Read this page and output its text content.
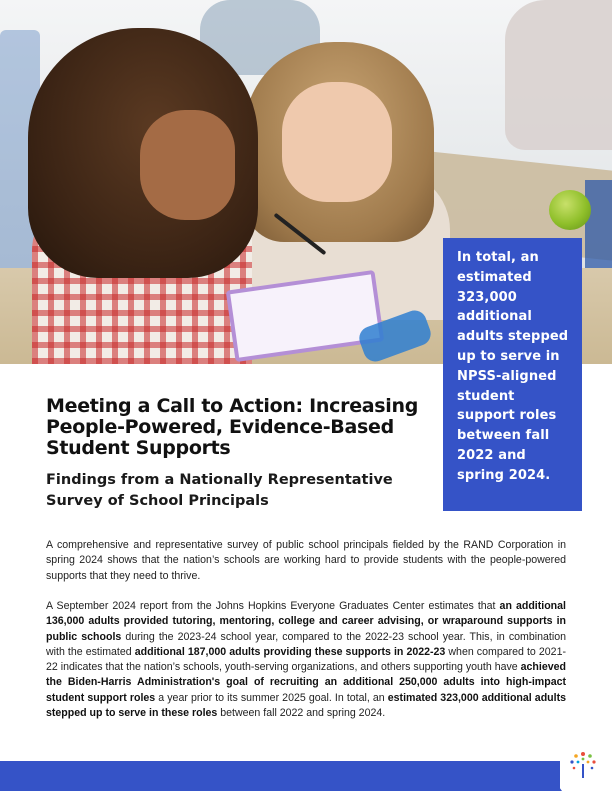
In total, an estimated 323,000 additional adults stepped up to serve in NPSS-aligned student support roles between fall 2022 and spring 2024.

Meeting a Call to Action: Increasing People-Powered, Evidence-Based Student Supports
Findings from a Nationally Representative Survey of School Principals

A comprehensive and representative survey of public school principals fielded by the RAND Corporation in spring 2024 shows that the nation’s schools are working hard to provide students with the people-powered supports that they need to thrive.

A September 2024 report from the Johns Hopkins Everyone Graduates Center estimates that an additional 136,000 adults provided tutoring, mentoring, college and career advising, or wraparound supports in public schools during the 2023-24 school year, compared to the 2022-23 school year. This, in combination with the estimated additional 187,000 adults providing these supports in 2022-23 when compared to 2021-22 indicates that the nation’s schools, youth-serving organizations, and others supporting youth have achieved the Biden-Harris Administration's goal of recruiting an additional 250,000 adults into high-impact student support roles a year prior to its summer 2025 goal. In total, an estimated 323,000 additional adults stepped up to serve in these roles between fall 2022 and spring 2024.
